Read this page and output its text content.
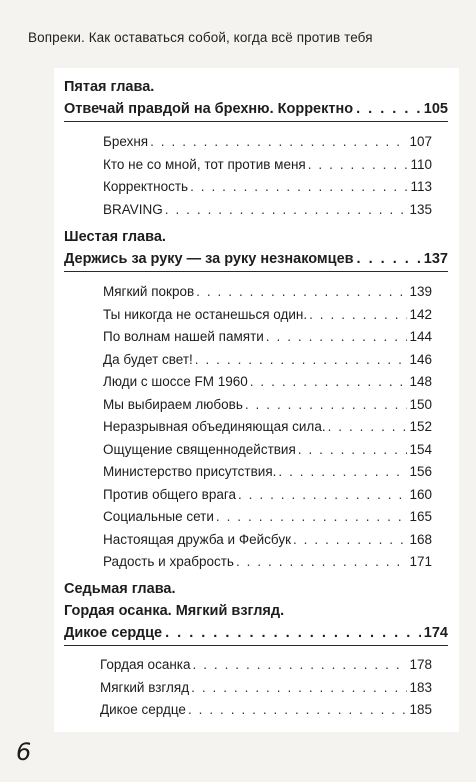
Вопреки. Как оставаться собой, когда всё против тебя
Пятая глава.
Отвечай правдой на брехню. Корректно . . .	105
Брехня . . .	107
Кто не со мной, тот против меня . . .	110
Корректность . . .	113
BRAVING . . .	135
Шестая глава.
Держись за руку — за руку незнакомцев . . .	137
Мягкий покров . . .	139
Ты никогда не останешься один. . . .	142
По волнам нашей памяти . . .	144
Да будет свет! . . .	146
Люди с шоссе FM 1960 . . .	148
Мы выбираем любовь . . .	150
Неразрывная объединяющая сила. . . .	152
Ощущение священнодействия . . .	154
Министерство присутствия. . . .	156
Против общего врага . . .	160
Социальные сети . . .	165
Настоящая дружба и Фейсбук . . .	168
Радость и храбрость . . .	171
Седьмая глава.
Гордая осанка. Мягкий взгляд.
Дикое сердце . . .	174
Гордая осанка . . .	178
Мягкий взгляд . . .	183
Дикое сердце . . .	185
6
